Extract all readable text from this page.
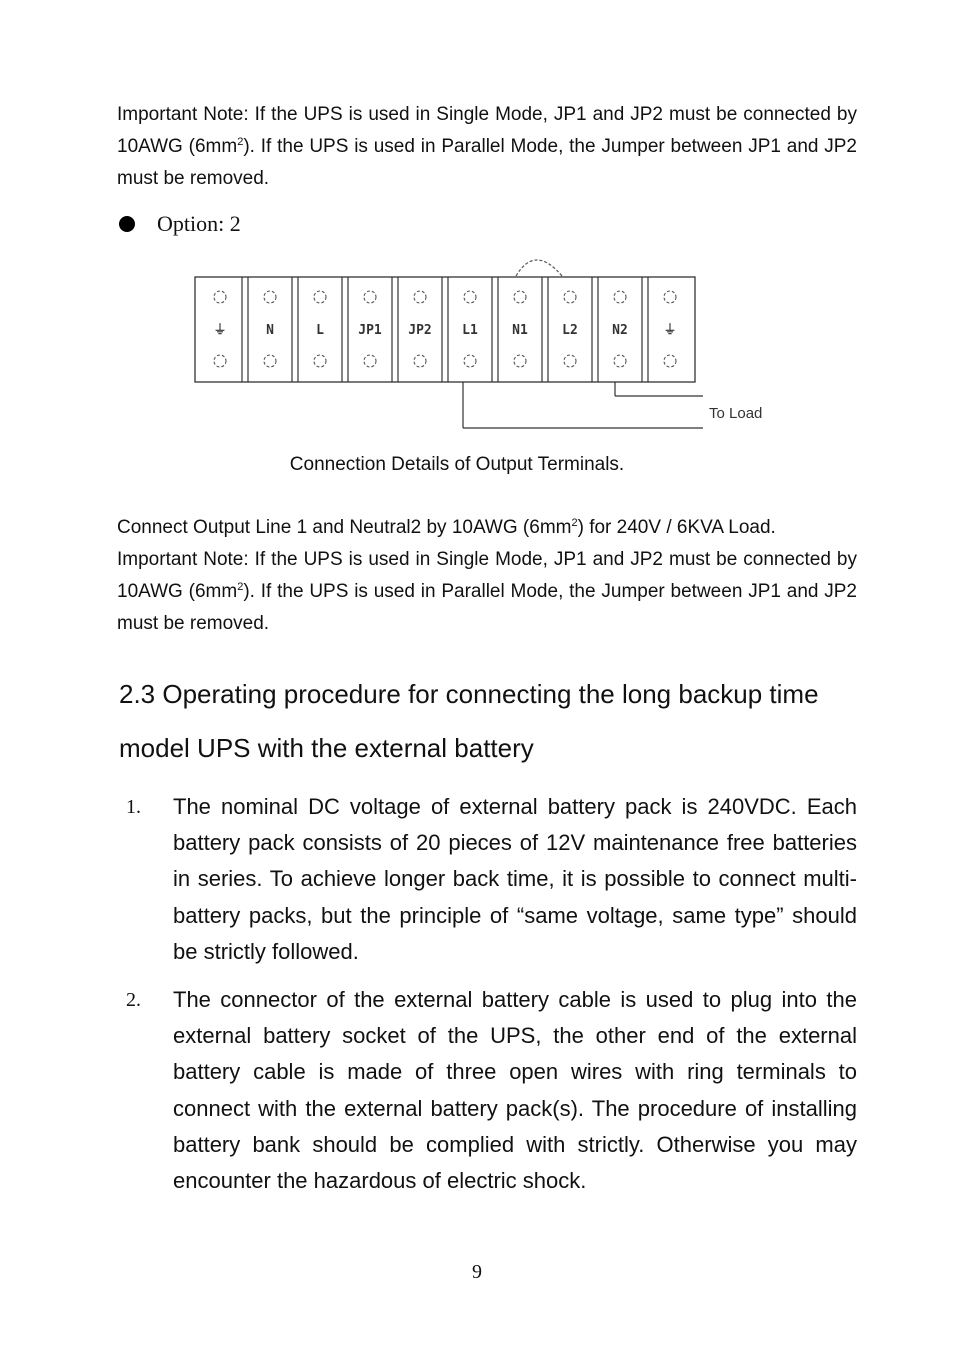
Important Note: If the UPS is used in Single Mode, JP1 and JP2 must be connected by 10AWG $(6mm^2)$. If the UPS is used in Parallel Mode, the Jumper between JP1 and JP2 must be removed.
Option: 2
⏚	N	L	JP1 JP2 L1	N1	L2	N2	⏚
To Load
Connection Details of Output Terminals.
Connect Output Line 1 and Neutral2 by 10AWG $(6mm^2)$ for 240V / 6KVA Load.
Important Note: If the UPS is used in Single Mode, JP1 and JP2 must be connected by 10AWG $(6mm^2)$. If the UPS is used in Parallel Mode, the Jumper between JP1 and JP2 must be removed.
2.3 Operating procedure for connecting the long backup time model UPS with the external battery
1. The nominal DC voltage of external battery pack is 240VDC. Each battery pack consists of 20 pieces of 12V maintenance free batteries in series. To achieve longer back time, it is possible to connect multi-battery packs, but the principle of “same voltage, same type” should be strictly followed.
2. The connector of the external battery cable is used to plug into the external battery socket of the UPS, the other end of the external battery cable is made of three open wires with ring terminals to connect with the external battery pack(s). The procedure of installing battery bank should be complied with strictly. Otherwise you may encounter the hazardous of electric shock.
9
